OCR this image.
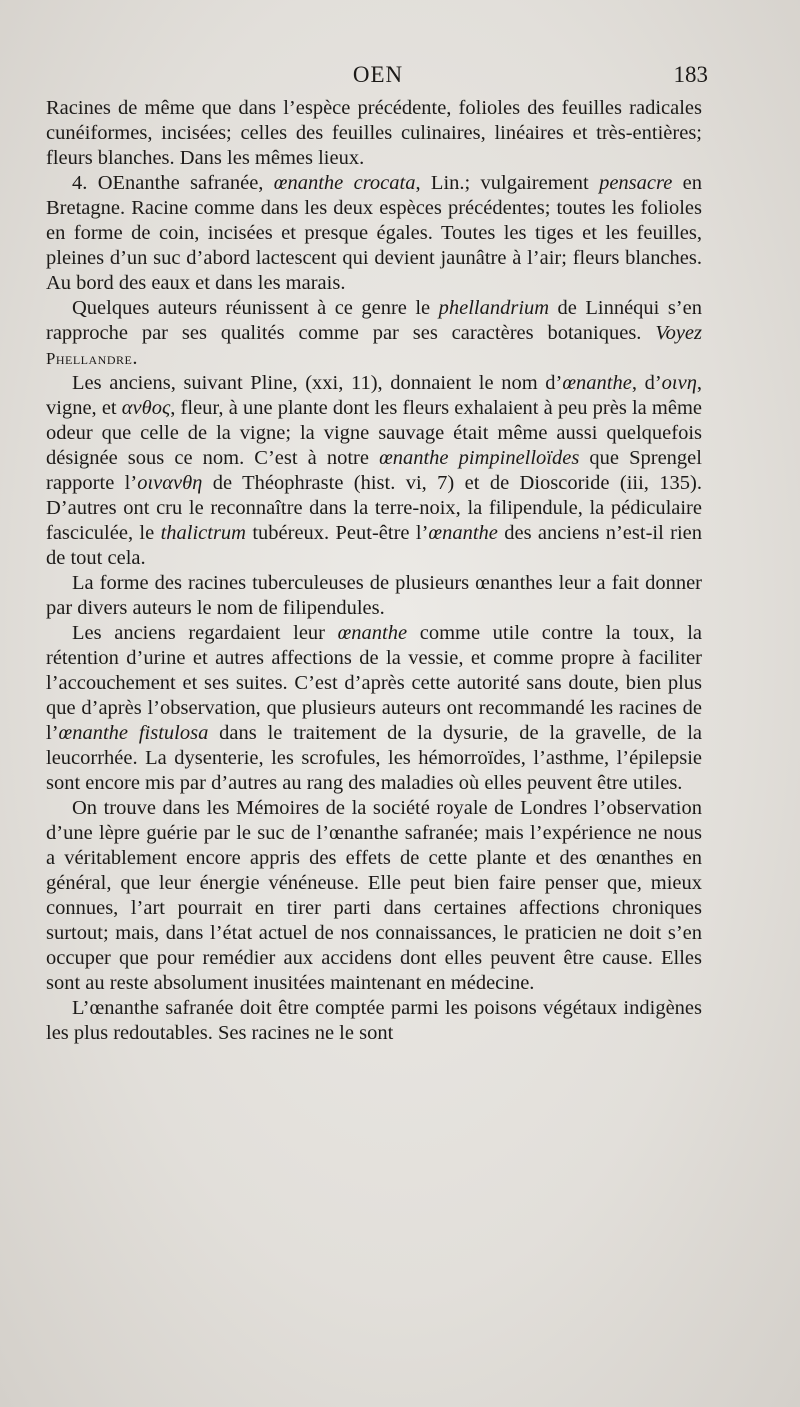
OEN	183

Racines de même que dans l’espèce précédente, folioles des feuilles radicales cunéiformes, incisées; celles des feuilles culinaires, linéaires et très-entières; fleurs blanches. Dans les mêmes lieux.

4. OEnanthe safranée, œnanthe crocata, Lin.; vulgairement pensacre en Bretagne. Racine comme dans les deux espèces précédentes; toutes les folioles en forme de coin, incisées et presque égales. Toutes les tiges et les feuilles, pleines d’un suc d’abord lactescent qui devient jaunâtre à l’air; fleurs blanches. Au bord des eaux et dans les marais.

Quelques auteurs réunissent à ce genre le phellandrium de Linnéqui s’en rapproche par ses qualités comme par ses caractères botaniques. Voyez Phellandre.

Les anciens, suivant Pline, (xxi, 11), donnaient le nom d’œnanthe, d’οινη, vigne, et ανθος, fleur, à une plante dont les fleurs exhalaient à peu près la même odeur que celle de la vigne; la vigne sauvage était même aussi quelquefois désignée sous ce nom. C’est à notre œnanthe pimpinelloïdes que Sprengel rapporte l’οινανθη de Théophraste (hist. vi, 7) et de Dioscoride (iii, 135). D’autres ont cru le reconnaître dans la terre-noix, la filipendule, la pédiculaire fasciculée, le thalictrum tubéreux. Peut-être l’œnanthe des anciens n’est-il rien de tout cela.

La forme des racines tuberculeuses de plusieurs œnanthes leur a fait donner par divers auteurs le nom de filipendules.

Les anciens regardaient leur œnanthe comme utile contre la toux, la rétention d’urine et autres affections de la vessie, et comme propre à faciliter l’accouchement et ses suites. C’est d’après cette autorité sans doute, bien plus que d’après l’observation, que plusieurs auteurs ont recommandé les racines de l’œnanthe fistulosa dans le traitement de la dysurie, de la gravelle, de la leucorrhée. La dysenterie, les scrofules, les hémorroïdes, l’asthme, l’épilepsie sont encore mis par d’autres au rang des maladies où elles peuvent être utiles.

On trouve dans les Mémoires de la société royale de Londres l’observation d’une lèpre guérie par le suc de l’œnanthe safranée; mais l’expérience ne nous a véritablement encore appris des effets de cette plante et des œnanthes en général, que leur énergie vénéneuse. Elle peut bien faire penser que, mieux connues, l’art pourrait en tirer parti dans certaines affections chroniques surtout; mais, dans l’état actuel de nos connaissances, le praticien ne doit s’en occuper que pour remédier aux accidens dont elles peuvent être cause. Elles sont au reste absolument inusitées maintenant en médecine.

L’œnanthe safranée doit être comptée parmi les poisons végétaux indigènes les plus redoutables. Ses racines ne le sont
